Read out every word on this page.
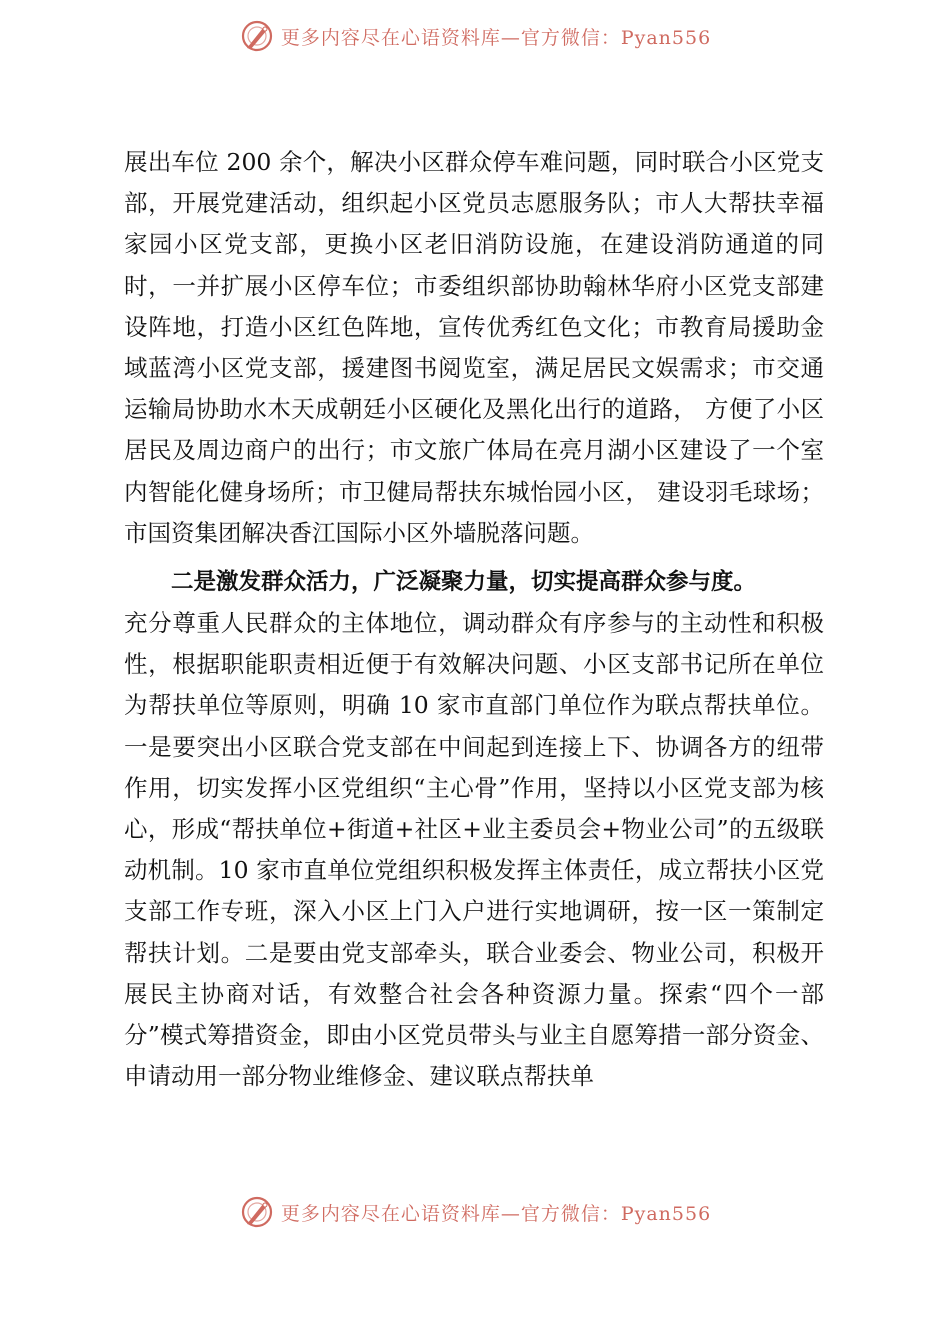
更多内容尽在心语资料库—官方微信：Pyan556

展出车位 200 余个，解决小区群众停车难问题，同时联合小区党支部，开展党建活动，组织起小区党员志愿服务队；市人大帮扶幸福家园小区党支部，更换小区老旧消防设施，在建设消防通道的同时，一并扩展小区停车位；市委组织部协助翰林华府小区党支部建设阵地，打造小区红色阵地，宣传优秀红色文化；市教育局援助金域蓝湾小区党支部，援建图书阅览室，满足居民文娱需求；市交通运输局协助水木天成朝廷小区硬化及黑化出行的道路， 方便了小区居民及周边商户的出行；市文旅广体局在亮月湖小区建设了一个室内智能化健身场所；市卫健局帮扶东城怡园小区， 建设羽毛球场；市国资集团解决香江国际小区外墙脱落问题。

二是激发群众活力，广泛凝聚力量，切实提高群众参与度。

充分尊重人民群众的主体地位，调动群众有序参与的主动性和积极性，根据职能职责相近便于有效解决问题、小区支部书记所在单位为帮扶单位等原则，明确 10 家市直部门单位作为联点帮扶单位。一是要突出小区联合党支部在中间起到连接上下、协调各方的纽带作用，切实发挥小区党组织“主心骨”作用，坚持以小区党支部为核心，形成“帮扶单位+街道+社区+业主委员会+物业公司”的五级联动机制。10 家市直单位党组织积极发挥主体责任，成立帮扶小区党支部工作专班，深入小区上门入户进行实地调研，按一区一策制定帮扶计划。二是要由党支部牵头，联合业委会、物业公司，积极开展民主协商对话，有效整合社会各种资源力量。探索“四个一部分”模式筹措资金，即由小区党员带头与业主自愿筹措一部分资金、申请动用一部分物业维修金、建议联点帮扶单

更多内容尽在心语资料库—官方微信：Pyan556
